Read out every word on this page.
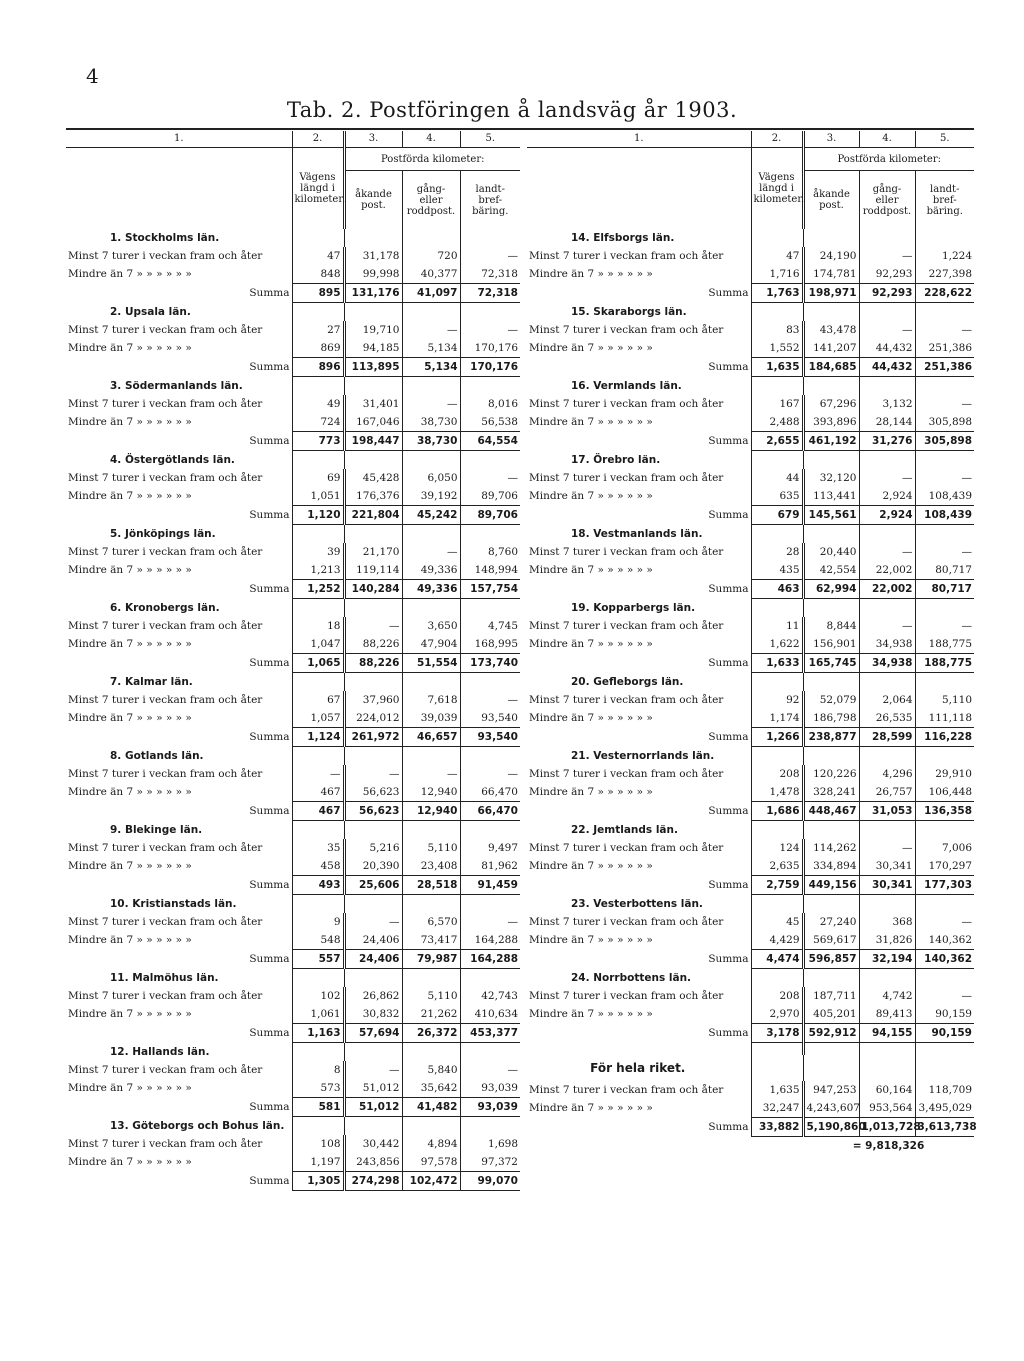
4
Tab. 2. Postföringen å landsväg år 1903.
1.	2.	3.	4.	5.
	Vägens längd i kilometer.	Postförda kilometer:		
		åkande post.	gång- eller roddpost.	landt- bref- bäring.
1. Stockholms län.				
Minst 7 turer i veckan fram och åter	47	31,178	720	—
Mindre än 7 » » » » » »	848	99,998	40,377	72,318
Summa	895	131,176	41,097	72,318
2. Upsala län.				
Minst 7 turer i veckan fram och åter	27	19,710	—	—
Mindre än 7 » » » » » »	869	94,185	5,134	170,176
Summa	896	113,895	5,134	170,176
3. Södermanlands län.				
Minst 7 turer i veckan fram och åter	49	31,401	—	8,016
Mindre än 7 » » » » » »	724	167,046	38,730	56,538
Summa	773	198,447	38,730	64,554
4. Östergötlands län.				
Minst 7 turer i veckan fram och åter	69	45,428	6,050	—
Mindre än 7 » » » » » »	1,051	176,376	39,192	89,706
Summa	1,120	221,804	45,242	89,706
5. Jönköpings län.				
Minst 7 turer i veckan fram och åter	39	21,170	—	8,760
Mindre än 7 » » » » » »	1,213	119,114	49,336	148,994
Summa	1,252	140,284	49,336	157,754
6. Kronobergs län.				
Minst 7 turer i veckan fram och åter	18	—	3,650	4,745
Mindre än 7 » » » » » »	1,047	88,226	47,904	168,995
Summa	1,065	88,226	51,554	173,740
7. Kalmar län.				
Minst 7 turer i veckan fram och åter	67	37,960	7,618	—
Mindre än 7 » » » » » »	1,057	224,012	39,039	93,540
Summa	1,124	261,972	46,657	93,540
8. Gotlands län.				
Minst 7 turer i veckan fram och åter	—	—	—	—
Mindre än 7 » » » » » »	467	56,623	12,940	66,470
Summa	467	56,623	12,940	66,470
9. Blekinge län.				
Minst 7 turer i veckan fram och åter	35	5,216	5,110	9,497
Mindre än 7 » » » » » »	458	20,390	23,408	81,962
Summa	493	25,606	28,518	91,459
10. Kristianstads län.				
Minst 7 turer i veckan fram och åter	9	—	6,570	—
Mindre än 7 » » » » » »	548	24,406	73,417	164,288
Summa	557	24,406	79,987	164,288
11. Malmöhus län.				
Minst 7 turer i veckan fram och åter	102	26,862	5,110	42,743
Mindre än 7 » » » » » »	1,061	30,832	21,262	410,634
Summa	1,163	57,694	26,372	453,377
12. Hallands län.				
Minst 7 turer i veckan fram och åter	8	—	5,840	—
Mindre än 7 » » » » » »	573	51,012	35,642	93,039
Summa	581	51,012	41,482	93,039
13. Göteborgs och Bohus län.				
Minst 7 turer i veckan fram och åter	108	30,442	4,894	1,698
Mindre än 7 » » » » » »	1,197	243,856	97,578	97,372
Summa	1,305	274,298	102,472	99,070
1.	2.	3.	4.	5.
	Vägens längd i kilometer.	Postförda kilometer:		
		åkande post.	gång- eller roddpost.	landt- bref- bäring.
14. Elfsborgs län.				
Minst 7 turer i veckan fram och åter	47	24,190	—	1,224
Mindre än 7 » » » » » »	1,716	174,781	92,293	227,398
Summa	1,763	198,971	92,293	228,622
15. Skaraborgs län.				
Minst 7 turer i veckan fram och åter	83	43,478	—	—
Mindre än 7 » » » » » »	1,552	141,207	44,432	251,386
Summa	1,635	184,685	44,432	251,386
16. Vermlands län.				
Minst 7 turer i veckan fram och åter	167	67,296	3,132	—
Mindre än 7 » » » » » »	2,488	393,896	28,144	305,898
Summa	2,655	461,192	31,276	305,898
17. Örebro län.				
Minst 7 turer i veckan fram och åter	44	32,120	—	—
Mindre än 7 » » » » » »	635	113,441	2,924	108,439
Summa	679	145,561	2,924	108,439
18. Vestmanlands län.				
Minst 7 turer i veckan fram och åter	28	20,440	—	—
Mindre än 7 » » » » » »	435	42,554	22,002	80,717
Summa	463	62,994	22,002	80,717
19. Kopparbergs län.				
Minst 7 turer i veckan fram och åter	11	8,844	—	—
Mindre än 7 » » » » » »	1,622	156,901	34,938	188,775
Summa	1,633	165,745	34,938	188,775
20. Gefleborgs län.				
Minst 7 turer i veckan fram och åter	92	52,079	2,064	5,110
Mindre än 7 » » » » » »	1,174	186,798	26,535	111,118
Summa	1,266	238,877	28,599	116,228
21. Vesternorrlands län.				
Minst 7 turer i veckan fram och åter	208	120,226	4,296	29,910
Mindre än 7 » » » » » »	1,478	328,241	26,757	106,448
Summa	1,686	448,467	31,053	136,358
22. Jemtlands län.				
Minst 7 turer i veckan fram och åter	124	114,262	—	7,006
Mindre än 7 » » » » » »	2,635	334,894	30,341	170,297
Summa	2,759	449,156	30,341	177,303
23. Vesterbottens län.				
Minst 7 turer i veckan fram och åter	45	27,240	368	—
Mindre än 7 » » » » » »	4,429	569,617	31,826	140,362
Summa	4,474	596,857	32,194	140,362
24. Norrbottens län.				
Minst 7 turer i veckan fram och åter	208	187,711	4,742	—
Mindre än 7 » » » » » »	2,970	405,201	89,413	90,159
Summa	3,178	592,912	94,155	90,159

För hela riket.				
Minst 7 turer i veckan fram och åter	1,635	947,253	60,164	118,709
Mindre än 7 » » » » » »	32,247	4,243,607	953,564	3,495,029
Summa	33,882	5,190,860	1,013,728	3,613,738
		= 9,818,326		
